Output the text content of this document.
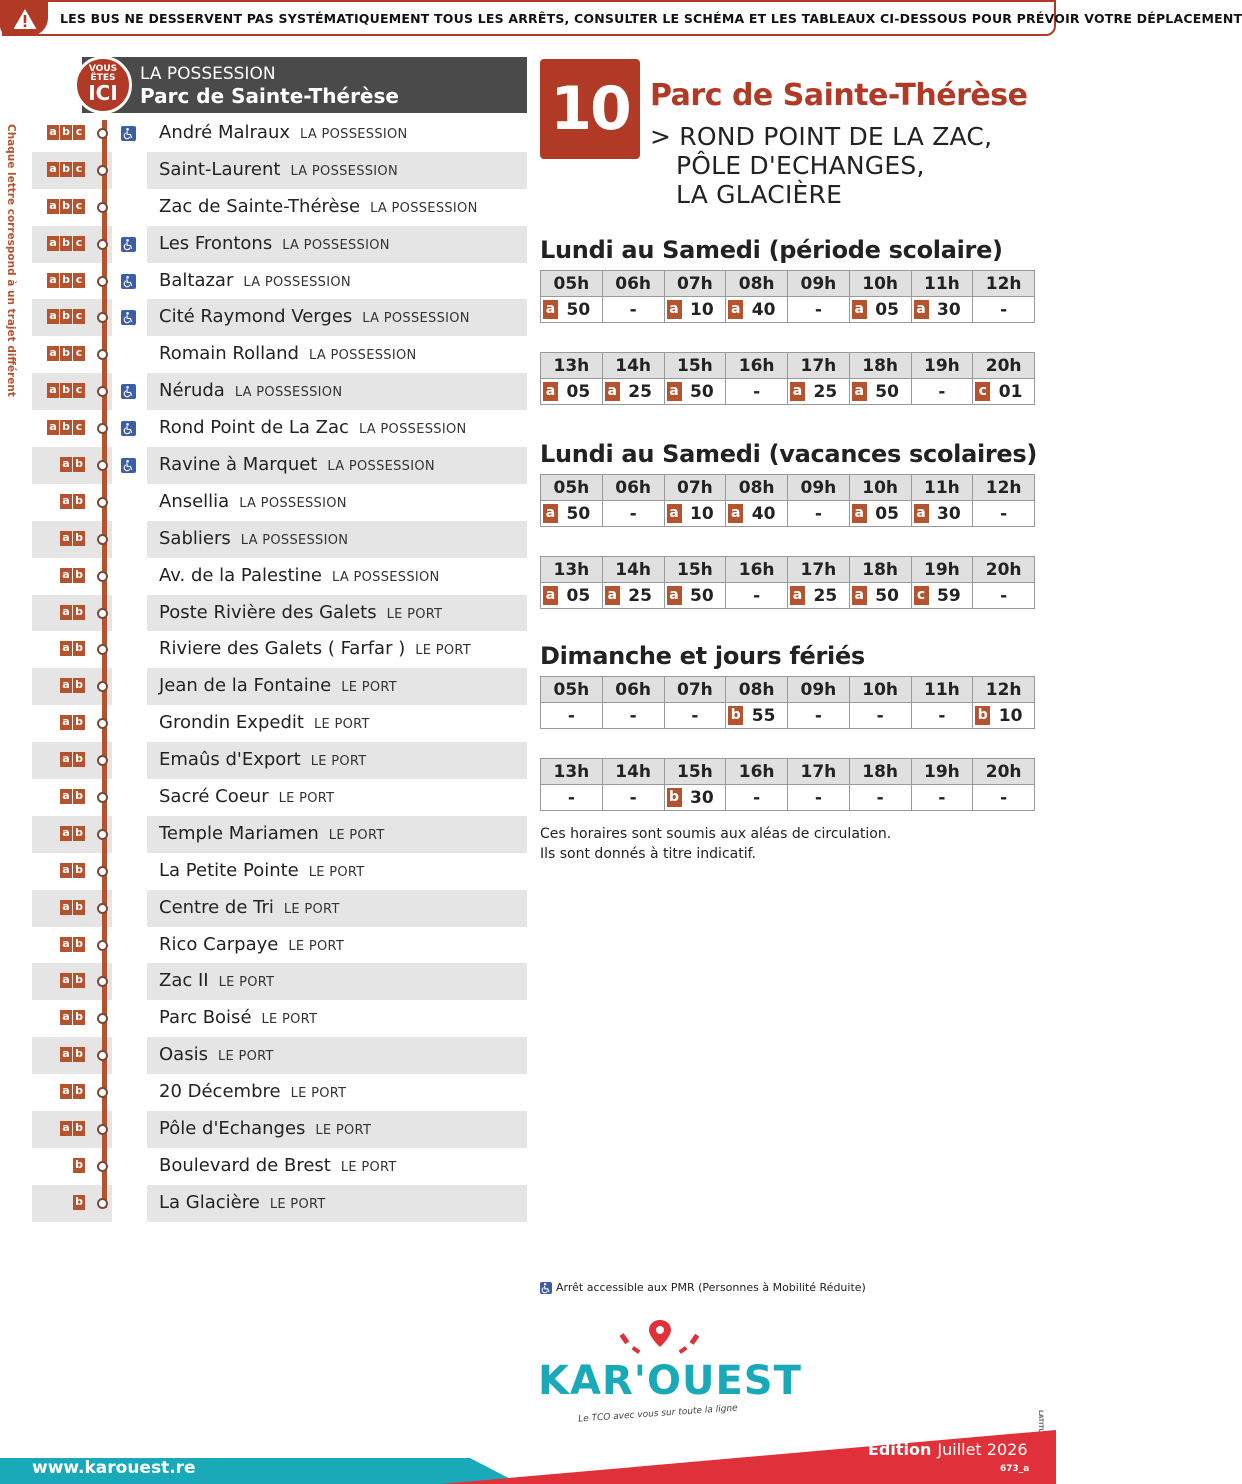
LES BUS NE DESSERVENT PAS SYSTÉMATIQUEMENT TOUS LES ARRÊTS, CONSULTER LE SCHÉMA ET LES TABLEAUX CI-DESSOUS POUR PRÉVOIR VOTRE DÉPLACEMENT
Chaque lettre correspond à un trajet différent
VOUS
ÊTES
ICI
LA POSSESSION
Parc de Sainte-Thérèse
a b c	André Malraux LA POSSESSION
a b c	Saint-Laurent LA POSSESSION
a b c	Zac de Sainte-Thérèse LA POSSESSION
a b c	Les Frontons LA POSSESSION
a b c	Baltazar LA POSSESSION
a b c	Cité Raymond Verges LA POSSESSION
a b c	Romain Rolland LA POSSESSION
a b c	Néruda LA POSSESSION
a b c	Rond Point de La Zac LA POSSESSION
a b	Ravine à Marquet LA POSSESSION
a b	Ansellia LA POSSESSION
a b	Sabliers LA POSSESSION
a b	Av. de la Palestine LA POSSESSION
a b	Poste Rivière des Galets LE PORT
a b	Riviere des Galets ( Farfar ) LE PORT
a b	Jean de la Fontaine LE PORT
a b	Grondin Expedit LE PORT
a b	Emaûs d'Export LE PORT
a b	Sacré Coeur LE PORT
a b	Temple Mariamen LE PORT
a b	La Petite Pointe LE PORT
a b	Centre de Tri LE PORT
a b	Rico Carpaye LE PORT
a b	Zac II LE PORT
a b	Parc Boisé LE PORT
a b	Oasis LE PORT
a b	20 Décembre LE PORT
a b	Pôle d'Echanges LE PORT
b	Boulevard de Brest LE PORT
b	La Glacière LE PORT
10 Parc de Sainte-Thérèse
> ROND POINT DE LA ZAC,
PÔLE D'ECHANGES,
LA GLACIÈRE
Lundi au Samedi (période scolaire)
05h	06h	07h	08h	09h	10h	11h	12h

a 50	-	a 10	a 40	-	a 05	a 30	-
13h	14h	15h	16h	17h	18h	19h	20h

a 05	a 25	a 50	-	a 25	a 50	-	c 01
Lundi au Samedi (vacances scolaires)
05h	06h	07h	08h	09h	10h	11h	12h

a 50	-	a 10	a 40	-	a 05	a 30	-
13h	14h	15h	16h	17h	18h	19h	20h

a 05	a 25	a 50	-	a 25	a 50	c 59	-
Dimanche et jours fériés
05h	06h	07h	08h	09h	10h	11h	12h
-	-	-	b 55	-	-	-	b 10
13h	14h	15h	16h	17h	18h	19h	20h
-	-	b 30	-	-	-	-	-
Ces horaires sont soumis aux aléas de circulation.
Ils sont donnés à titre indicatif.
Arrêt accessible aux PMR (Personnes à Mobilité Réduite)
KAR'OUEST
Le TCO avec vous sur toute la ligne
www.karouest.re
Édition Juillet 2026
673_a
